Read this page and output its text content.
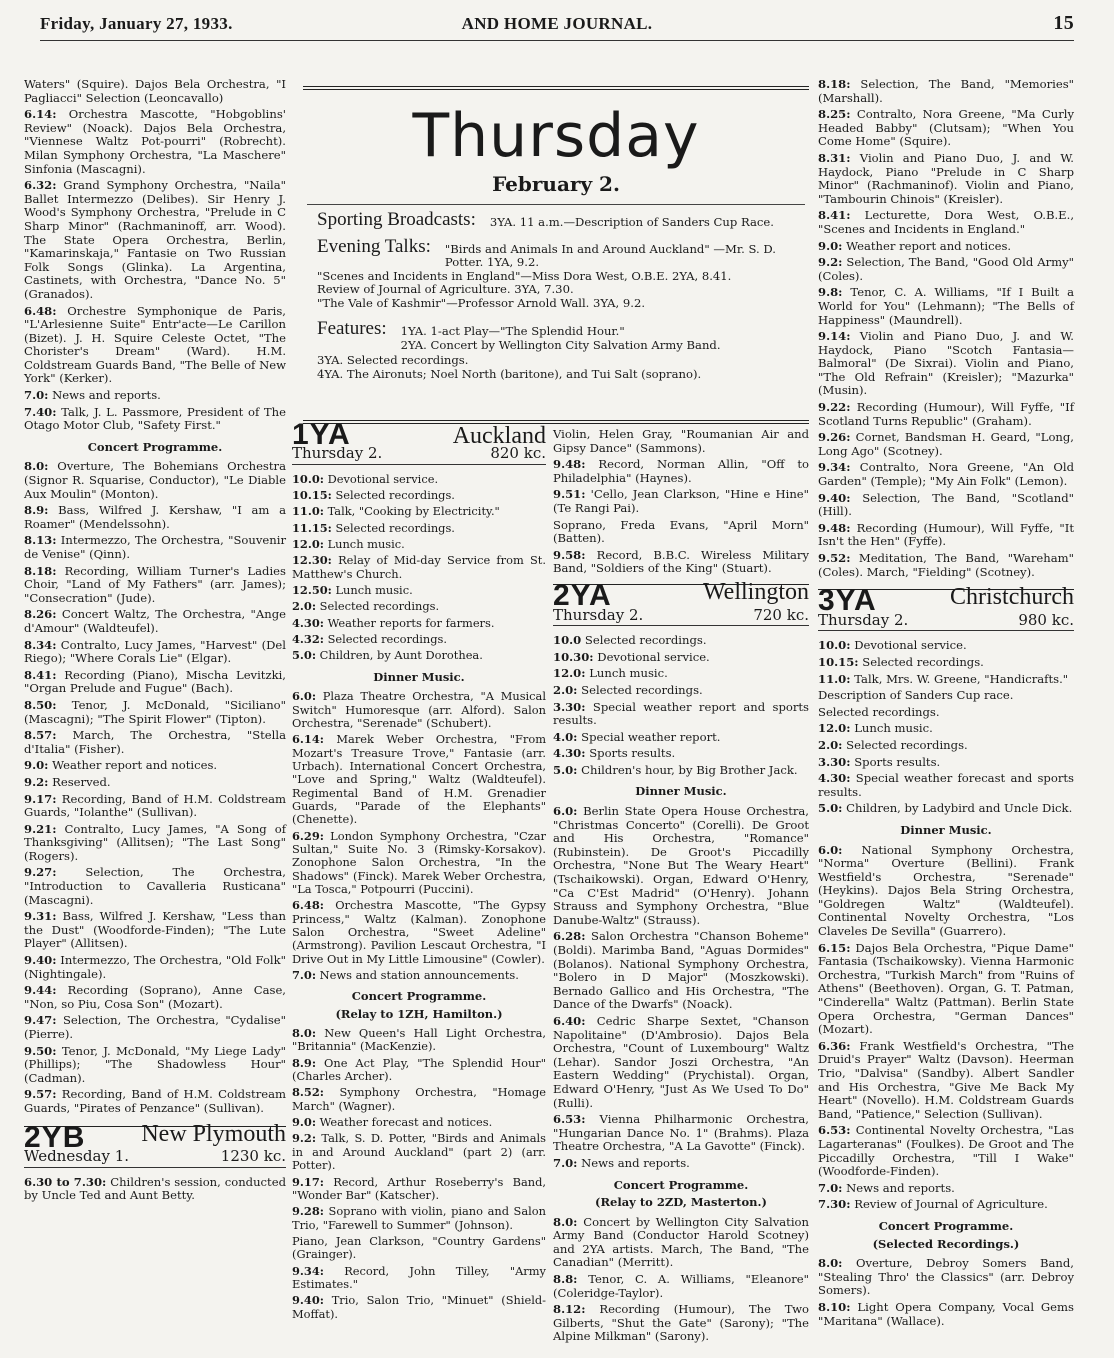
Friday, January 27, 1933.	AND HOME JOURNAL.	15

Waters" (Squire). Dajos Bela Orchestra, "I Pagliacci" Selection (Leoncavallo)

6.14: Orchestra Mascotte, "Hobgoblins' Review" (Noack). Dajos Bela Orchestra, "Viennese Waltz Pot-pourri" (Robrecht). Milan Symphony Orchestra, "La Maschere" Sinfonia (Mascagni).

6.32: Grand Symphony Orchestra, "Naila" Ballet Intermezzo (Delibes). Sir Henry J. Wood's Symphony Orchestra, "Prelude in C Sharp Minor" (Rachmaninoff, arr. Wood). The State Opera Orchestra, Berlin, "Kamarinskaja," Fantasie on Two Russian Folk Songs (Glinka). La Argentina, Castinets, with Orchestra, "Dance No. 5" (Granados).

6.48: Orchestre Symphonique de Paris, "L'Arlesienne Suite" Entr'acte—Le Carillon (Bizet). J. H. Squire Celeste Octet, "The Chorister's Dream" (Ward). H.M. Coldstream Guards Band, "The Belle of New York" (Kerker).

7.0: News and reports.

7.40: Talk, J. L. Passmore, President of The Otago Motor Club, "Safety First."

Concert Programme.

8.0: Overture, The Bohemians Orchestra (Signor R. Squarise, Conductor), "Le Diable Aux Moulin" (Monton).

8.9: Bass, Wilfred J. Kershaw, "I am a Roamer" (Mendelssohn).

8.13: Intermezzo, The Orchestra, "Souvenir de Venise" (Qinn).

8.18: Recording, William Turner's Ladies Choir, "Land of My Fathers" (arr. James); "Consecration" (Jude).

8.26: Concert Waltz, The Orchestra, "Ange d'Amour" (Waldteufel).

8.34: Contralto, Lucy James, "Harvest" (Del Riego); "Where Corals Lie" (Elgar).

8.41: Recording (Piano), Mischa Levitzki, "Organ Prelude and Fugue" (Bach).

8.50: Tenor, J. McDonald, "Siciliano" (Mascagni); "The Spirit Flower" (Tipton).

8.57: March, The Orchestra, "Stella d'Italia" (Fisher).

9.0: Weather report and notices.

9.2: Reserved.

9.17: Recording, Band of H.M. Coldstream Guards, "Iolanthe" (Sullivan).

9.21: Contralto, Lucy James, "A Song of Thanksgiving" (Allitsen); "The Last Song" (Rogers).

9.27: Selection, The Orchestra, "Introduction to Cavalleria Rusticana" (Mascagni).

9.31: Bass, Wilfred J. Kershaw, "Less than the Dust" (Woodforde-Finden); "The Lute Player" (Allitsen).

9.40: Intermezzo, The Orchestra, "Old Folk" (Nightingale).

9.44: Recording (Soprano), Anne Case, "Non, so Piu, Cosa Son" (Mozart).

9.47: Selection, The Orchestra, "Cydalise" (Pierre).

9.50: Tenor, J. McDonald, "My Liege Lady" (Phillips); "The Shadowless Hour" (Cadman).

9.57: Recording, Band of H.M. Coldstream Guards, "Pirates of Penzance" (Sullivan).

2YB New Plymouth
Wednesday 1.	1230 kc.

6.30 to 7.30: Children's session, conducted by Uncle Ted and Aunt Betty.

Thursday
February 2.
Sporting Broadcasts: 3YA. 11 a.m.—Description of Sanders Cup Race.
Evening Talks: "Birds and Animals In and Around Auckland" —Mr. S. D. Potter. 1YA, 9.2.
"Scenes and Incidents in England"—Miss Dora West, O.B.E. 2YA, 8.41.
Review of Journal of Agriculture. 3YA, 7.30.
"The Vale of Kashmir"—Professor Arnold Wall. 3YA, 9.2.
Features: 1YA. 1-act Play—"The Splendid Hour."
2YA. Concert by Wellington City Salvation Army Band.
3YA. Selected recordings.
4YA. The Aironuts; Noel North (baritone), and Tui Salt (soprano).
1YA	Auckland
Thursday 2.	820 kc.

10.0: Devotional service.

10.15: Selected recordings.

11.0: Talk, "Cooking by Electricity."

11.15: Selected recordings.

12.0: Lunch music.

12.30: Relay of Mid-day Service from St. Matthew's Church.

12.50: Lunch music.

2.0: Selected recordings.

4.30: Weather reports for farmers.

4.32: Selected recordings.

5.0: Children, by Aunt Dorothea.

Dinner Music.

6.0: Plaza Theatre Orchestra, "A Musical Switch" Humoresque (arr. Alford). Salon Orchestra, "Serenade" (Schubert).

6.14: Marek Weber Orchestra, "From Mozart's Treasure Trove," Fantasie (arr. Urbach). International Concert Orchestra, "Love and Spring," Waltz (Waldteufel). Regimental Band of H.M. Grenadier Guards, "Parade of the Elephants" (Chenette).

6.29: London Symphony Orchestra, "Czar Sultan," Suite No. 3 (Rimsky-Korsakov). Zonophone Salon Orchestra, "In the Shadows" (Finck). Marek Weber Orchestra, "La Tosca," Potpourri (Puccini).

6.48: Orchestra Mascotte, "The Gypsy Princess," Waltz (Kalman). Zonophone Salon Orchestra, "Sweet Adeline" (Armstrong). Pavilion Lescaut Orchestra, "I Drive Out in My Little Limousine" (Cowler).

7.0: News and station announcements.

Concert Programme.

(Relay to 1ZH, Hamilton.)

8.0: New Queen's Hall Light Orchestra, "Britannia" (MacKenzie).

8.9: One Act Play, "The Splendid Hour" (Charles Archer).

8.52: Symphony Orchestra, "Homage March" (Wagner).

9.0: Weather forecast and notices.

9.2: Talk, S. D. Potter, "Birds and Animals in and Around Auckland" (part 2) (arr. Potter).

9.17: Record, Arthur Roseberry's Band, "Wonder Bar" (Katscher).

9.28: Soprano with violin, piano and Salon Trio, "Farewell to Summer" (Johnson).

Piano, Jean Clarkson, "Country Gardens" (Grainger).

9.34: Record, John Tilley, "Army Estimates."

9.40: Trio, Salon Trio, "Minuet" (Shield-Moffat).

Violin, Helen Gray, "Roumanian Air and Gipsy Dance" (Sammons).

9.48: Record, Norman Allin, "Off to Philadelphia" (Haynes).

9.51: 'Cello, Jean Clarkson, "Hine e Hine" (Te Rangi Pai).

Soprano, Freda Evans, "April Morn" (Batten).

9.58: Record, B.B.C. Wireless Military Band, "Soldiers of the King" (Stuart).

2YA	Wellington
Thursday 2.	720 kc.

10.0 Selected recordings.

10.30: Devotional service.

12.0: Lunch music.

2.0: Selected recordings.

3.30: Special weather report and sports results.

4.0: Special weather report.

4.30: Sports results.

5.0: Children's hour, by Big Brother Jack.

Dinner Music.

6.0: Berlin State Opera House Orchestra, "Christmas Concerto" (Corelli). De Groot and His Orchestra, "Romance" (Rubinstein). De Groot's Piccadilly Orchestra, "None But The Weary Heart" (Tschaikowski). Organ, Edward O'Henry, "Ca C'Est Madrid" (O'Henry). Johann Strauss and Symphony Orchestra, "Blue Danube-Waltz" (Strauss).

6.28: Salon Orchestra "Chanson Boheme" (Boldi). Marimba Band, "Aguas Dormides" (Bolanos). National Symphony Orchestra, "Bolero in D Major" (Moszkowski). Bernado Gallico and His Orchestra, "The Dance of the Dwarfs" (Noack).

6.40: Cedric Sharpe Sextet, "Chanson Napolitaine" (D'Ambrosio). Dajos Bela Orchestra, "Count of Luxembourg" Waltz (Lehar). Sandor Joszi Orchestra, "An Eastern Wedding" (Prychistal). Organ, Edward O'Henry, "Just As We Used To Do" (Rulli).

6.53: Vienna Philharmonic Orchestra, "Hungarian Dance No. 1" (Brahms). Plaza Theatre Orchestra, "A La Gavotte" (Finck).

7.0: News and reports.

Concert Programme.

(Relay to 2ZD, Masterton.)

8.0: Concert by Wellington City Salvation Army Band (Conductor Harold Scotney) and 2YA artists. March, The Band, "The Canadian" (Merritt).

8.8: Tenor, C. A. Williams, "Eleanore" (Coleridge-Taylor).

8.12: Recording (Humour), The Two Gilberts, "Shut the Gate" (Sarony); "The Alpine Milkman" (Sarony).

8.18: Selection, The Band, "Memories" (Marshall).

8.25: Contralto, Nora Greene, "Ma Curly Headed Babby" (Clutsam); "When You Come Home" (Squire).

8.31: Violin and Piano Duo, J. and W. Haydock, Piano "Prelude in C Sharp Minor" (Rachmaninof). Violin and Piano, "Tambourin Chinois" (Kreisler).

8.41: Lecturette, Dora West, O.B.E., "Scenes and Incidents in England."

9.0: Weather report and notices.

9.2: Selection, The Band, "Good Old Army" (Coles).

9.8: Tenor, C. A. Williams, "If I Built a World for You" (Lehmann); "The Bells of Happiness" (Maundrell).

9.14: Violin and Piano Duo, J. and W. Haydock, Piano "Scotch Fantasia—Balmoral" (De Sixrai). Violin and Piano, "The Old Refrain" (Kreisler); "Mazurka" (Musin).

9.22: Recording (Humour), Will Fyffe, "If Scotland Turns Republic" (Graham).

9.26: Cornet, Bandsman H. Geard, "Long, Long Ago" (Scotney).

9.34: Contralto, Nora Greene, "An Old Garden" (Temple); "My Ain Folk" (Lemon).

9.40: Selection, The Band, "Scotland" (Hill).

9.48: Recording (Humour), Will Fyffe, "It Isn't the Hen" (Fyffe).

9.52: Meditation, The Band, "Wareham" (Coles). March, "Fielding" (Scotney).

3YA	Christchurch
Thursday 2.	980 kc.

10.0: Devotional service.

10.15: Selected recordings.

11.0: Talk, Mrs. W. Greene, "Handicrafts."

Description of Sanders Cup race.

Selected recordings.

12.0: Lunch music.

2.0: Selected recordings.

3.30: Sports results.

4.30: Special weather forecast and sports results.

5.0: Children, by Ladybird and Uncle Dick.

Dinner Music.

6.0: National Symphony Orchestra, "Norma" Overture (Bellini). Frank Westfield's Orchestra, "Serenade" (Heykins). Dajos Bela String Orchestra, "Goldregen Waltz" (Waldteufel). Continental Novelty Orchestra, "Los Claveles De Sevilla" (Guarrero).

6.15: Dajos Bela Orchestra, "Pique Dame" Fantasia (Tschaikowsky). Vienna Harmonic Orchestra, "Turkish March" from "Ruins of Athens" (Beethoven). Organ, G. T. Patman, "Cinderella" Waltz (Pattman). Berlin State Opera Orchestra, "German Dances" (Mozart).

6.36: Frank Westfield's Orchestra, "The Druid's Prayer" Waltz (Davson). Heerman Trio, "Dalvisa" (Sandby). Albert Sandler and His Orchestra, "Give Me Back My Heart" (Novello). H.M. Coldstream Guards Band, "Patience," Selection (Sullivan).

6.53: Continental Novelty Orchestra, "Las Lagarteranas" (Foulkes). De Groot and The Piccadilly Orchestra, "Till I Wake" (Woodforde-Finden).

7.0: News and reports.

7.30: Review of Journal of Agriculture.

Concert Programme.

(Selected Recordings.)

8.0: Overture, Debroy Somers Band, "Stealing Thro' the Classics" (arr. Debroy Somers).

8.10: Light Opera Company, Vocal Gems "Maritana" (Wallace).
